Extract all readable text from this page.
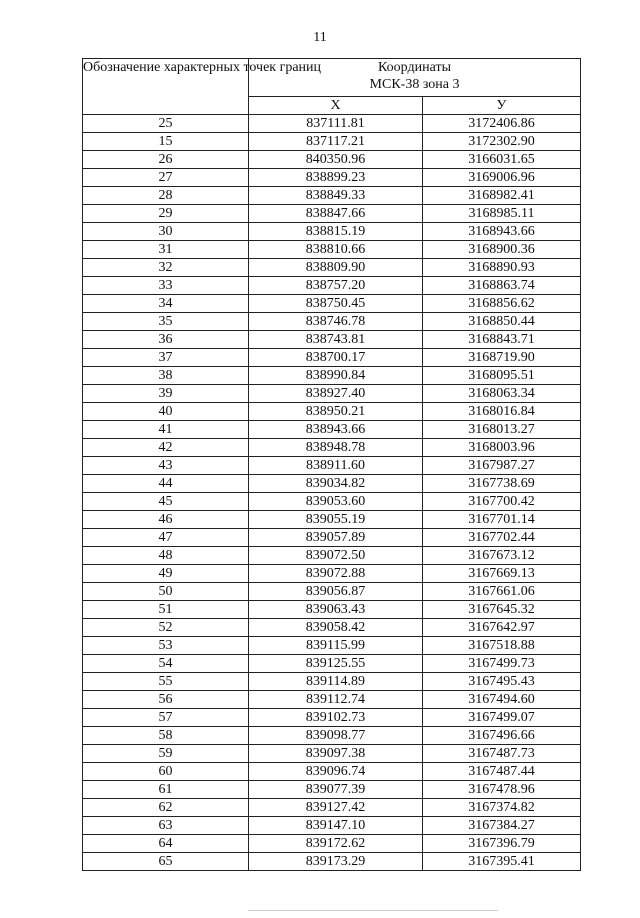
11
Обозначение характерных точек границ	Координаты
МСК-38 зона 3	
	X	У
25	837111.81	3172406.86
15	837117.21	3172302.90
26	840350.96	3166031.65
27	838899.23	3169006.96
28	838849.33	3168982.41
29	838847.66	3168985.11
30	838815.19	3168943.66
31	838810.66	3168900.36
32	838809.90	3168890.93
33	838757.20	3168863.74
34	838750.45	3168856.62
35	838746.78	3168850.44
36	838743.81	3168843.71
37	838700.17	3168719.90
38	838990.84	3168095.51
39	838927.40	3168063.34
40	838950.21	3168016.84
41	838943.66	3168013.27
42	838948.78	3168003.96
43	838911.60	3167987.27
44	839034.82	3167738.69
45	839053.60	3167700.42
46	839055.19	3167701.14
47	839057.89	3167702.44
48	839072.50	3167673.12
49	839072.88	3167669.13
50	839056.87	3167661.06
51	839063.43	3167645.32
52	839058.42	3167642.97
53	839115.99	3167518.88
54	839125.55	3167499.73
55	839114.89	3167495.43
56	839112.74	3167494.60
57	839102.73	3167499.07
58	839098.77	3167496.66
59	839097.38	3167487.73
60	839096.74	3167487.44
61	839077.39	3167478.96
62	839127.42	3167374.82
63	839147.10	3167384.27
64	839172.62	3167396.79
65	839173.29	3167395.41
